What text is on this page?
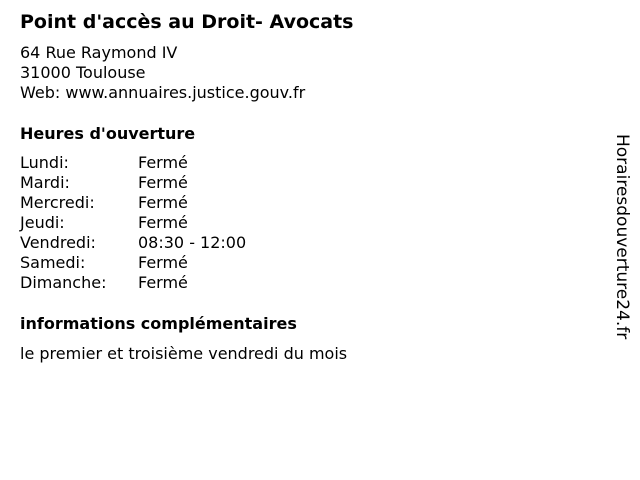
Point d'accès au Droit- Avocats
64 Rue Raymond IV
31000 Toulouse
Web: www.annuaires.justice.gouv.fr
Heures d'ouverture
Lundi:	Fermé
Mardi:	Fermé
Mercredi:	Fermé
Jeudi:	Fermé
Vendredi:	08:30 - 12:00
Samedi:	Fermé
Dimanche:	Fermé
informations complémentaires
le premier et troisième vendredi du mois
Horairesdouverture24.fr
